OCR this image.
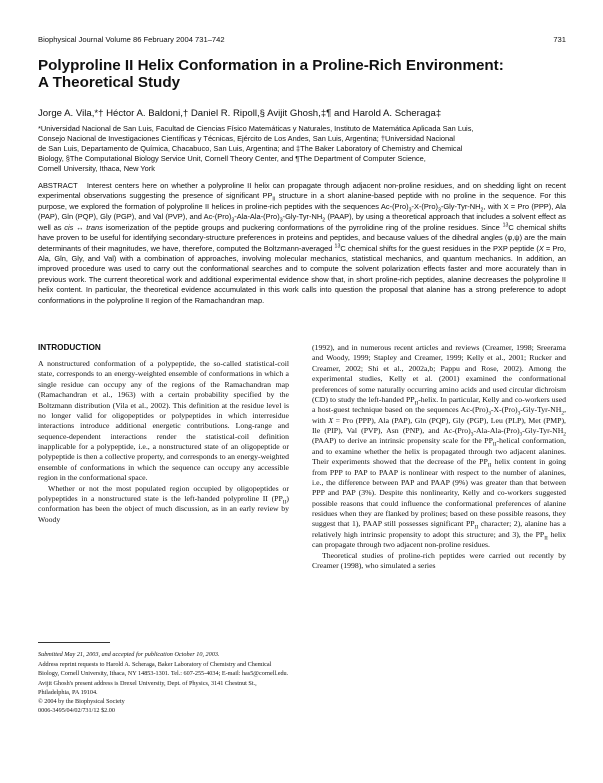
Biophysical Journal Volume 86 February 2004 731–742	731
Polyproline II Helix Conformation in a Proline-Rich Environment:
A Theoretical Study
Jorge A. Vila,*† Héctor A. Baldoni,† Daniel R. Ripoll,§ Avijit Ghosh,‡¶ and Harold A. Scheraga‡
*Universidad Nacional de San Luis, Facultad de Ciencias Físico Matemáticas y Naturales, Instituto de Matemática Aplicada San Luis,
Consejo Nacional de Investigaciones Científicas y Técnicas, Ejército de Los Andes, San Luis, Argentina; †Universidad Nacional
de San Luis, Departamento de Química, Chacabuco, San Luis, Argentina; and ‡The Baker Laboratory of Chemistry and Chemical
Biology, §The Computational Biology Service Unit, Cornell Theory Center, and ¶The Department of Computer Science,
Cornell University, Ithaca, New York

ABSTRACT Interest centers here on whether a polyproline II helix can propagate through adjacent non-proline residues, and on shedding light on recent experimental observations suggesting the presence of significant $PP_{II}$ structure in a short alanine-based peptide with no proline in the sequence. For this purpose, we explored the formation of polyproline II helices in proline-rich peptides with the sequences $Ac-(Pro)_3-X-(Pro)_3-Gly-Tyr-NH_2$, with X = Pro (PPP), Ala (PAP), Gln (PQP), Gly (PGP), and Val (PVP), and $Ac-(Pro)_3-Ala-Ala-(Pro)_3-Gly-Tyr-NH_2$ (PAAP), by using a theoretical approach that includes a solvent effect as well as cis ↔ trans isomerization of the peptide groups and puckering conformations of the pyrrolidine ring of the proline residues. Since $^{13}$C chemical shifts have proven to be useful for identifying secondary-structure preferences in proteins and peptides, and because values of the dihedral angles (φ,ψ) are the main determinants of their magnitudes, we have, therefore, computed the Boltzmann-averaged $^{13}$C chemical shifts for the guest residues in the PXP peptide (X = Pro, Ala, Gln, Gly, and Val) with a combination of approaches, involving molecular mechanics, statistical mechanics, and quantum mechanics. In addition, an improved procedure was used to carry out the conformational searches and to compute the solvent polarization effects faster and more accurately than in previous work. The current theoretical work and additional experimental evidence show that, in short proline-rich peptides, alanine decreases the polyproline II helix content. In particular, the theoretical evidence accumulated in this work calls into question the proposal that alanine has a strong preference to adopt conformations in the polyproline II region of the Ramachandran map.

INTRODUCTION

A nonstructured conformation of a polypeptide, the so-called statistical-coil state, corresponds to an energy-weighted ensemble of conformations in which a single residue can occupy any of the regions of the Ramachandran map (Ramachandran et al., 1963) with a certain probability specified by the Boltzmann distribution (Vila et al., 2002). This definition at the residue level is no longer valid for oligopeptides or polypeptides in which interresidue interactions introduce additional energetic contributions. Long-range and sequence-dependent interactions render the statistical-coil definition inapplicable for a polypeptide, i.e., a nonstructured state of an oligopeptide or polypeptide is then a collective property, and corresponds to an energy-weighted ensemble of conformations in which the sequence can occupy any accessible region in the conformational space.

Whether or not the most populated region occupied by oligopeptides or polypeptides in a nonstructured state is the left-handed polyproline II $(PP_{II})$ conformation has been the object of much discussion, as in an early review by Woody

(1992), and in numerous recent articles and reviews (Creamer, 1998; Sreerama and Woody, 1999; Stapley and Creamer, 1999; Kelly et al., 2001; Rucker and Creamer, 2002; Shi et al., 2002a,b; Pappu and Rose, 2002). Among the experimental studies, Kelly et al. (2001) examined the conformational preferences of some naturally occurring amino acids and used circular dichroism (CD) to study the left-handed $PP_{II}$-helix. In particular, Kelly and co-workers used a host-guest technique based on the sequences $Ac-(Pro)_3-X-(Pro)_3-Gly-Tyr-NH_2$, with X = Pro (PPP), Ala (PAP), Gln (PQP), Gly (PGP), Leu (PLP), Met (PMP), Ile (PIP), Val (PVP), Asn (PNP), and $Ac-(Pro)_3-Ala-Ala-(Pro)_3-Gly-Tyr-NH_2$ (PAAP) to derive an intrinsic propensity scale for the $PP_{II}$-helical conformation, and to examine whether the helix is propagated through two adjacent alanines. Their experiments showed that the decrease of the $PP_{II}$ helix content in going from PPP to PAP to PAAP is nonlinear with respect to the number of alanines, i.e., the difference between PAP and PAAP (9%) was greater than that between PPP and PAP (3%). Despite this nonlinearity, Kelly and co-workers suggested possible reasons that could influence the conformational preferences of alanine residues when they are flanked by prolines; based on these possible reasons, they suggest that 1), PAAP still possesses significant $PP_{II}$ character; 2), alanine has a relatively high intrinsic propensity to adopt this structure; and 3), the $PP_{II}$ helix can propagate through two adjacent non-proline residues.

Theoretical studies of proline-rich peptides were carried out recently by Creamer (1998), who simulated a series

Submitted May 21, 2003, and accepted for publication October 10, 2003.
Address reprint requests to Harold A. Scheraga, Baker Laboratory of Chemistry and Chemical Biology, Cornell University, Ithaca, NY 14853-1301. Tel.: 607-255-4034; E-mail: has5@cornell.edu.
Avijit Ghosh's present address is Drexel University, Dept. of Physics, 3141 Chestnut St., Philadelphia, PA 19104.
© 2004 by the Biophysical Society
0006-3495/04/02/731/12 $2.00
